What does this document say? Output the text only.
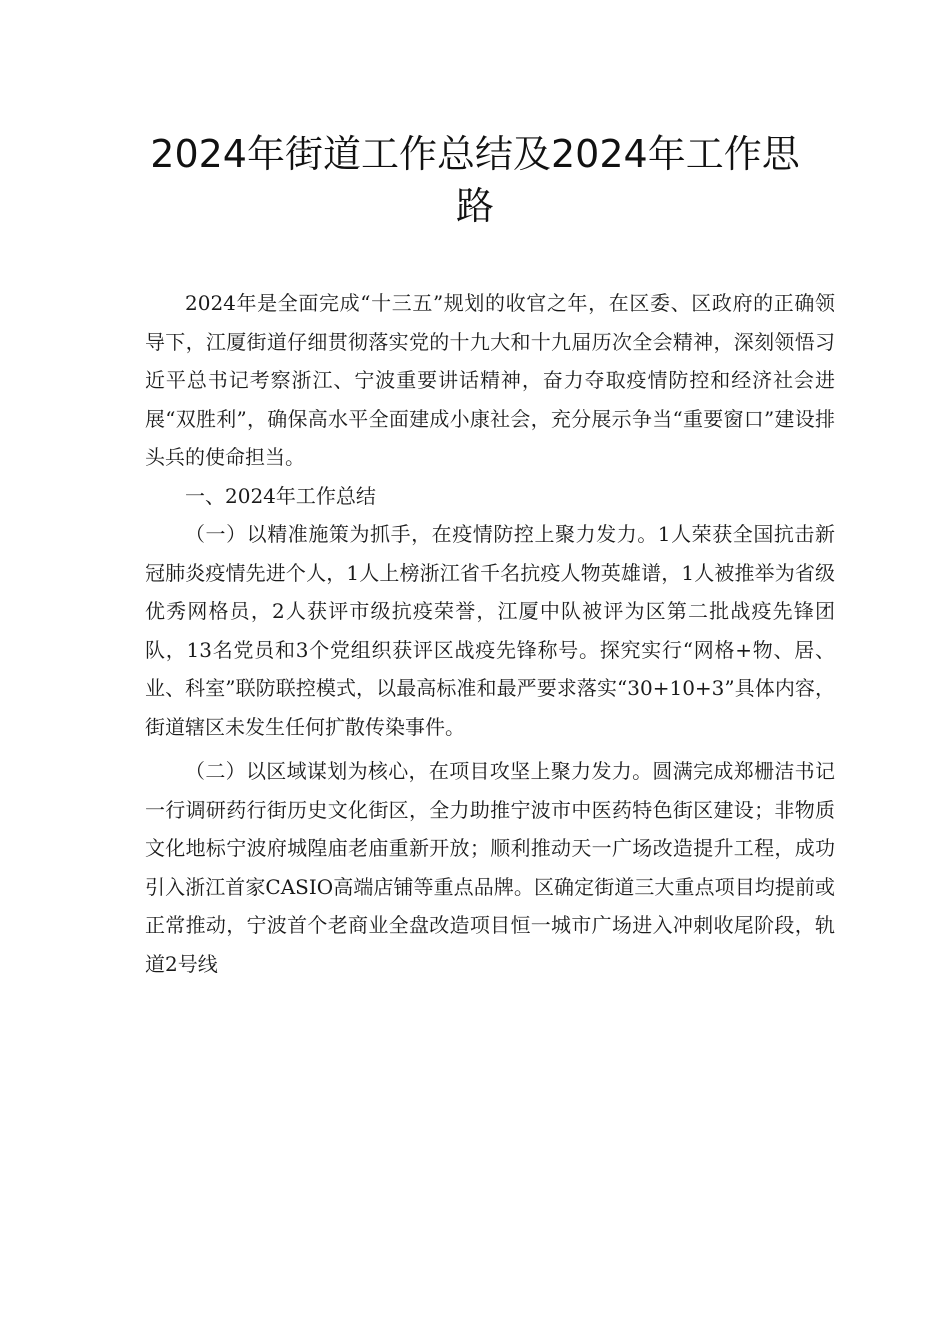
2024年街道工作总结及2024年工作思
路

2024年是全面完成“十三五”规划的收官之年，在区委、区政府的正确领导下，江厦街道仔细贯彻落实党的十九大和十九届历次全会精神，深刻领悟习近平总书记考察浙江、宁波重要讲话精神，奋力夺取疫情防控和经济社会进展“双胜利”，确保高水平全面建成小康社会，充分展示争当“重要窗口”建设排头兵的使命担当。

一、2024年工作总结

（一）以精准施策为抓手，在疫情防控上聚力发力。1人荣获全国抗击新冠肺炎疫情先进个人，1人上榜浙江省千名抗疫人物英雄谱，1人被推举为省级优秀网格员，2人获评市级抗疫荣誉，江厦中队被评为区第二批战疫先锋团队，13名党员和3个党组织获评区战疫先锋称号。探究实行“网格+物、居、业、科室”联防联控模式，以最高标准和最严要求落实“30+10+3”具体内容，街道辖区未发生任何扩散传染事件。

（二）以区域谋划为核心，在项目攻坚上聚力发力。圆满完成郑栅洁书记一行调研药行街历史文化街区，全力助推宁波市中医药特色街区建设；非物质文化地标宁波府城隍庙老庙重新开放；顺利推动天一广场改造提升工程，成功引入浙江首家CASIO高端店铺等重点品牌。区确定街道三大重点项目均提前或正常推动，宁波首个老商业全盘改造项目恒一城市广场进入冲刺收尾阶段，轨道2号线
